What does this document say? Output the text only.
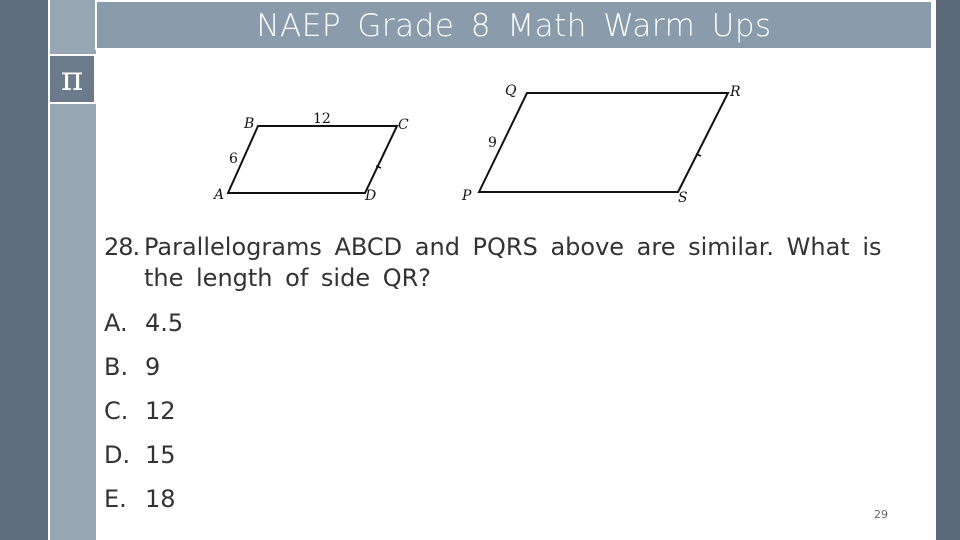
NAEP Grade 8 Math Warm Ups
π
A
B	C
D
6
12
P
Q	R
S
9
28. Parallelograms ABCD and PQRS above are similar. What is the length of side QR?
A. 4.5
B. 9
C. 12
D. 15
E. 18
29
